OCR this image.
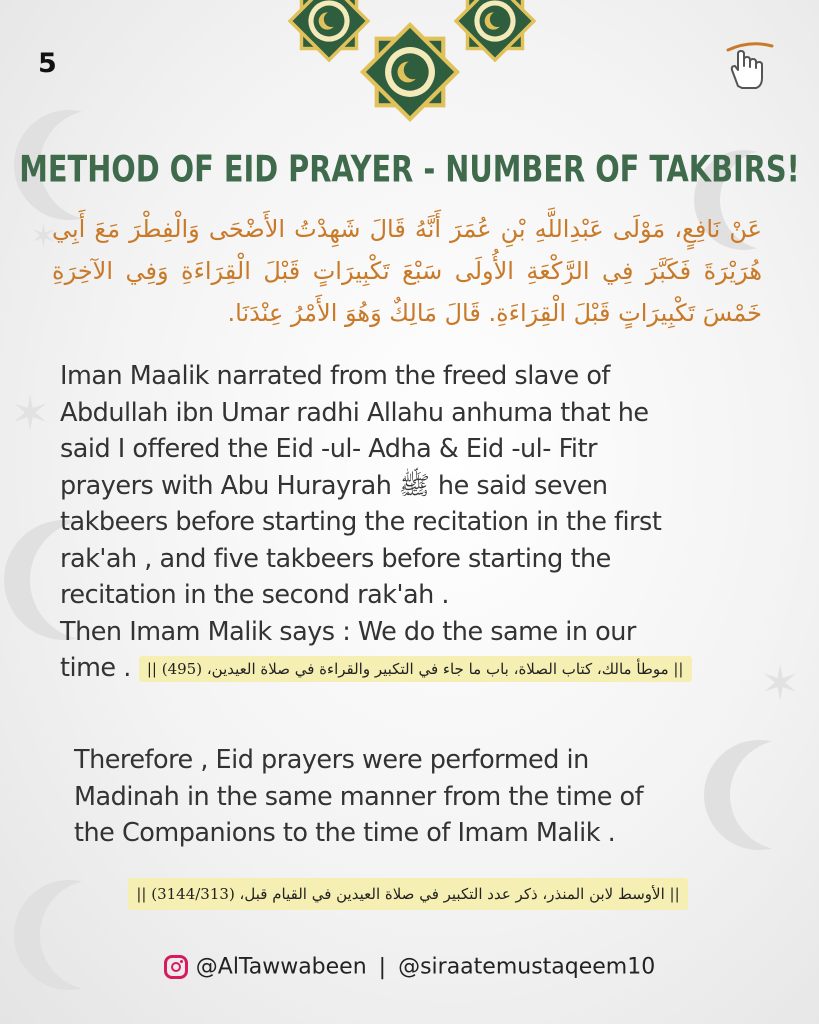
✶
✶
✶
5
METHOD OF EID PRAYER - NUMBER OF TAKBIRS!
عَنْ نَافِعٍ، مَوْلَى عَبْدِاللَّهِ بْنِ عُمَرَ أَنَّهُ قَالَ شَهِدْتُ الأَضْحَى وَالْفِطْرَ مَعَ أَبِي هُرَيْرَةَ فَكَبَّرَ فِي الرَّكْعَةِ الأُولَى سَبْعَ تَكْبِيرَاتٍ قَبْلَ الْقِرَاءَةِ وَفِي الآخِرَةِ خَمْسَ تَكْبِيرَاتٍ قَبْلَ الْقِرَاءَةِ. قَالَ مَالِكٌ وَهُوَ الأَمْرُ عِنْدَنَا.
Iman Maalik narrated from the freed slave of
Abdullah ibn Umar radhi Allahu anhuma that he
said I offered the Eid -ul- Adha & Eid -ul- Fitr
prayers with Abu Hurayrah ﷺ he said seven
takbeers before starting the recitation in the first
rak'ah , and five takbeers before starting the
recitation in the second rak'ah .
Then Imam Malik says : We do the same in our
time . || موطأ مالك، كتاب الصلاة، باب ما جاء في التكبير والقراءة في صلاة العيدين، (495) ||
Therefore , Eid prayers were performed in
Madinah in the same manner from the time of
the Companions to the time of Imam Malik .
|| الأوسط لابن المنذر، ذكر عدد التكبير في صلاة العيدين في القيام قبل، (3144/313) ||
@AlTawwabeen | @siraatemustaqeem10
